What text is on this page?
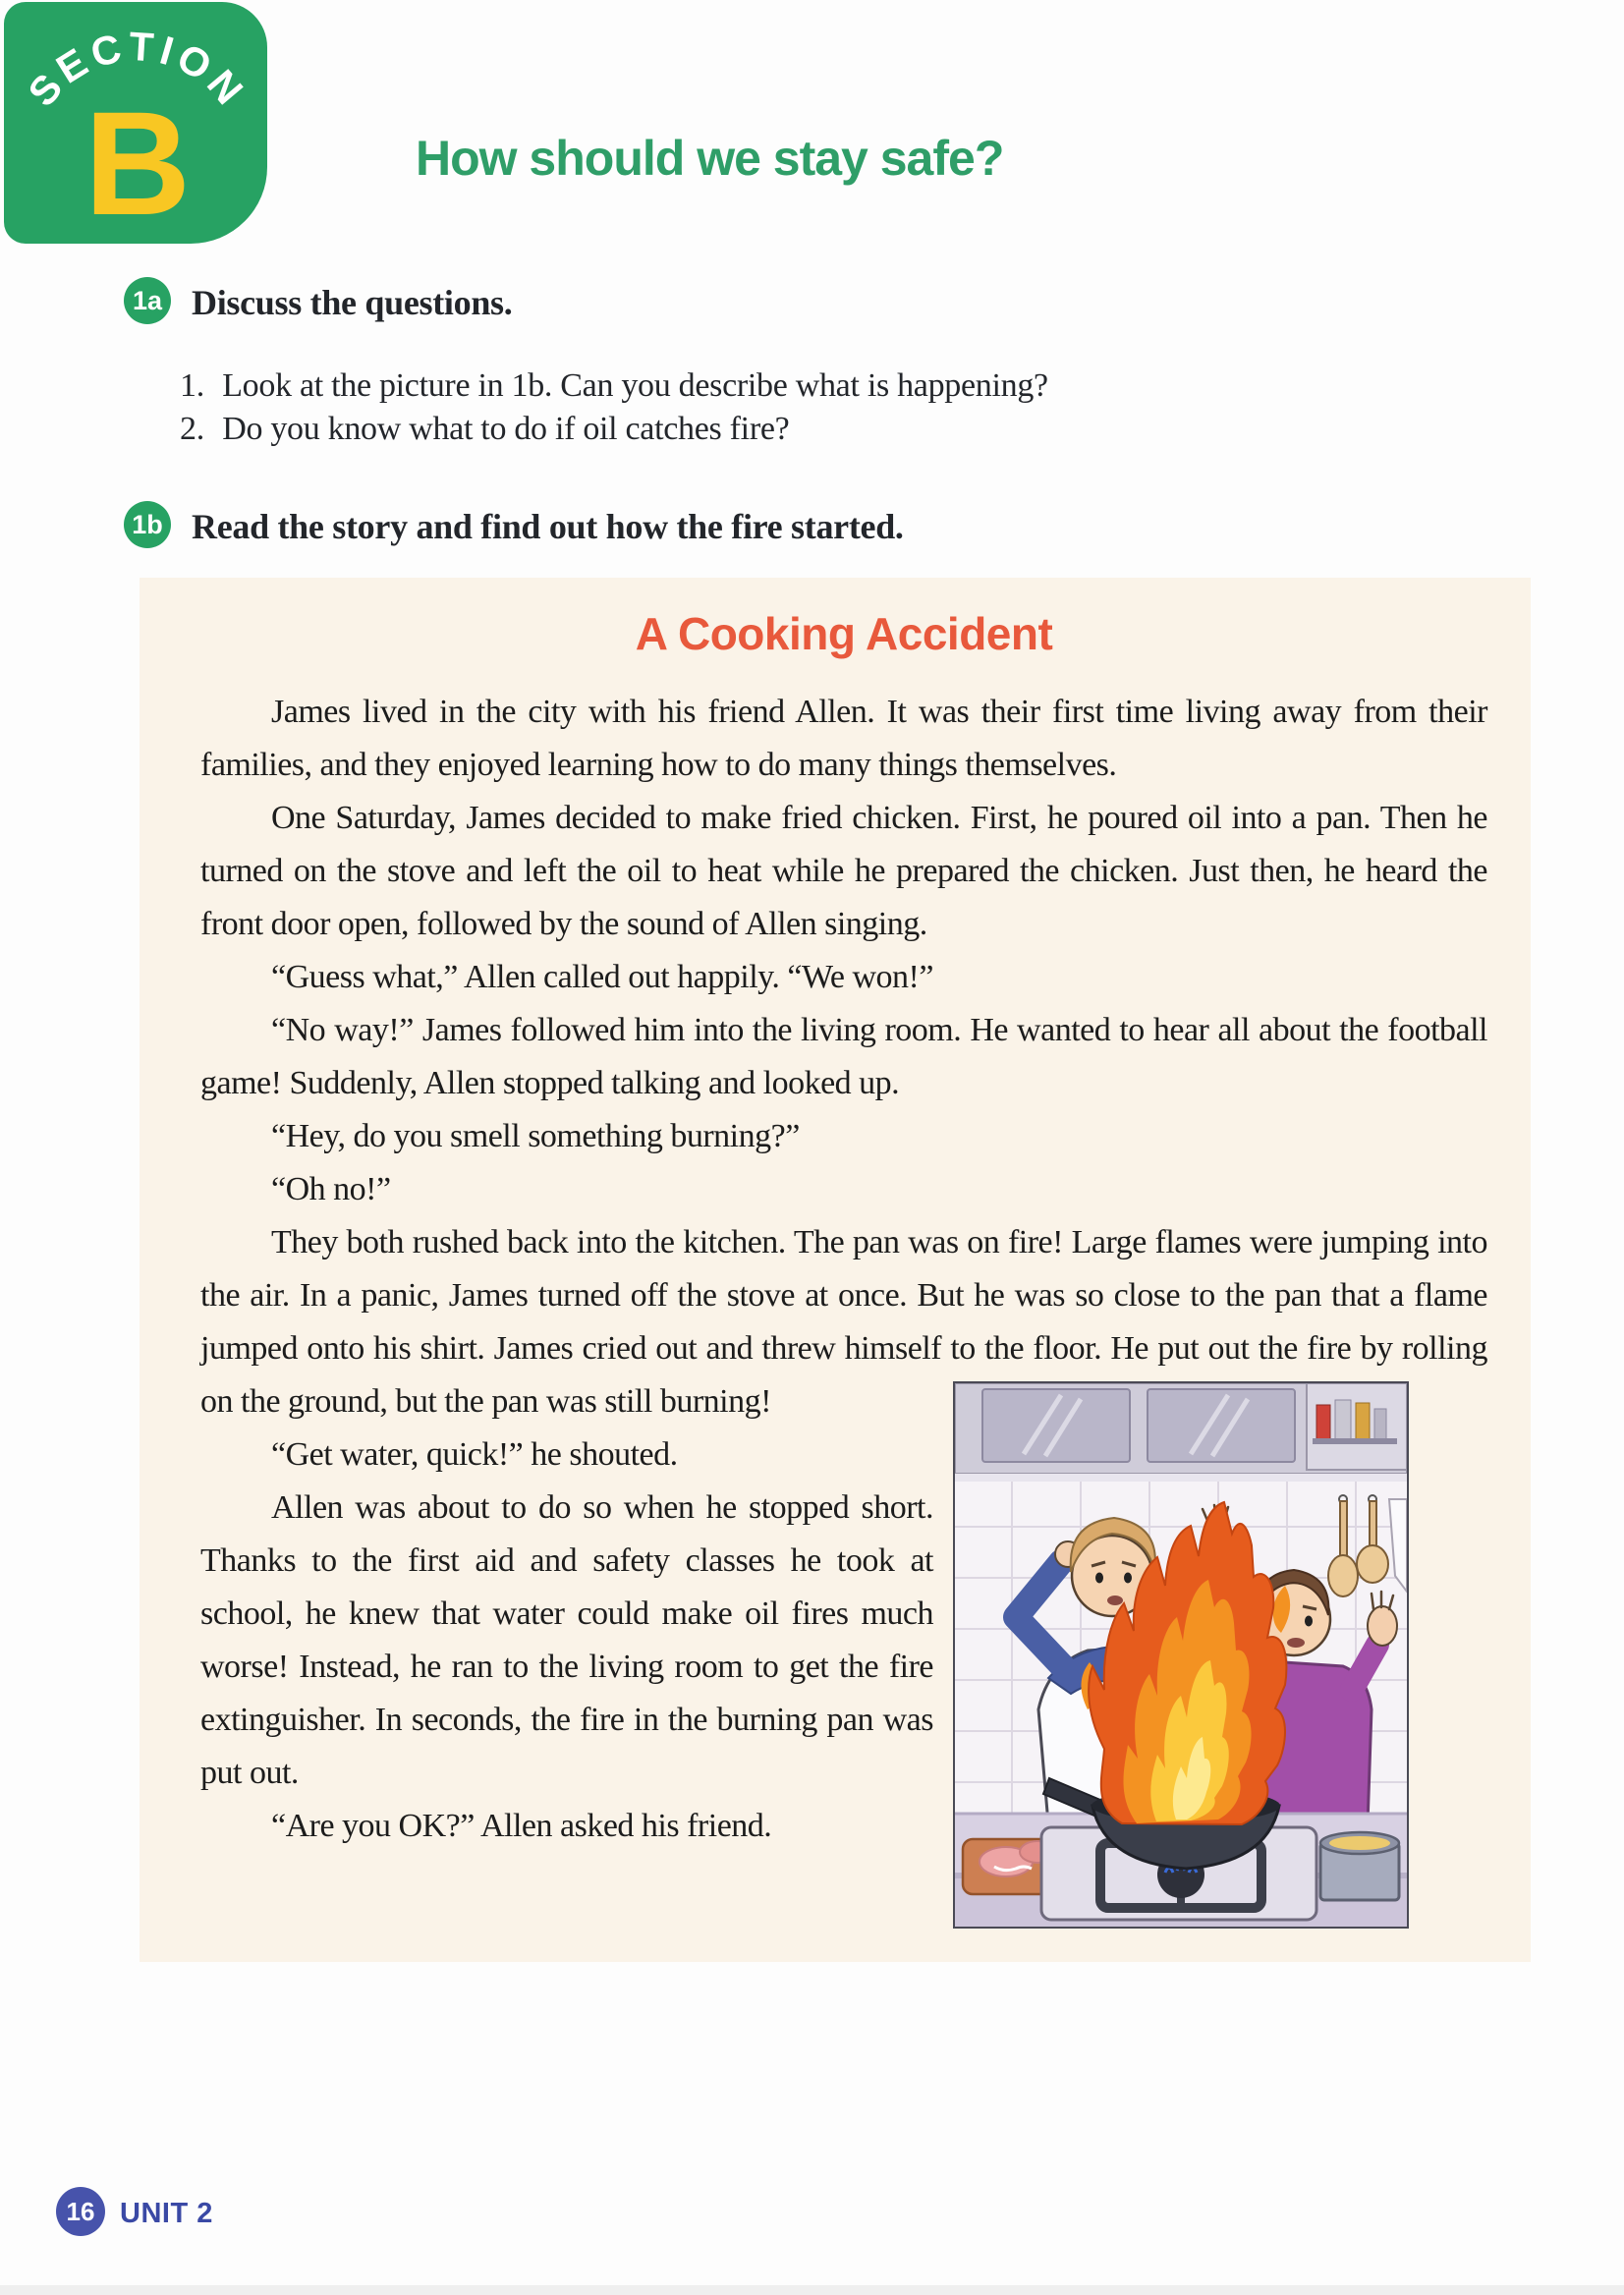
SECTION
B	How should we stay safe?
1a Discuss the questions.
1. Look at the picture in 1b. Can you describe what is happening?
2. Do you know what to do if oil catches fire?
1b Read the story and find out how the fire started.
A Cooking Accident

James lived in the city with his friend Allen. It was their first time living away from their families, and they enjoyed learning how to do many things themselves.

One Saturday, James decided to make fried chicken. First, he poured oil into a pan. Then he turned on the stove and left the oil to heat while he prepared the chicken. Just then, he heard the front door open, followed by the sound of Allen singing.

“Guess what,” Allen called out happily. “We won!”

“No way!” James followed him into the living room. He wanted to hear all about the football game! Suddenly, Allen stopped talking and looked up.

“Hey, do you smell something burning?”

“Oh no!”

They both rushed back into the kitchen. The pan was on fire! Large flames were jumping into the air. In a panic, James turned off the stove at once. But he was so close to the pan that a flame jumped onto his shirt. James cried out and threw himself to the floor. He put out the fire by rolling
on the ground, but the pan was still burning!

“Get water, quick!” he shouted.

Allen was about to do so when he stopped short. Thanks to the first aid and safety classes he took at school, he knew that water could make oil fires much worse! Instead, he ran to the living room to get the fire extinguisher. In seconds, the fire in the burning pan was put out.

“Are you OK?” Allen asked his friend.

16 UNIT 2
